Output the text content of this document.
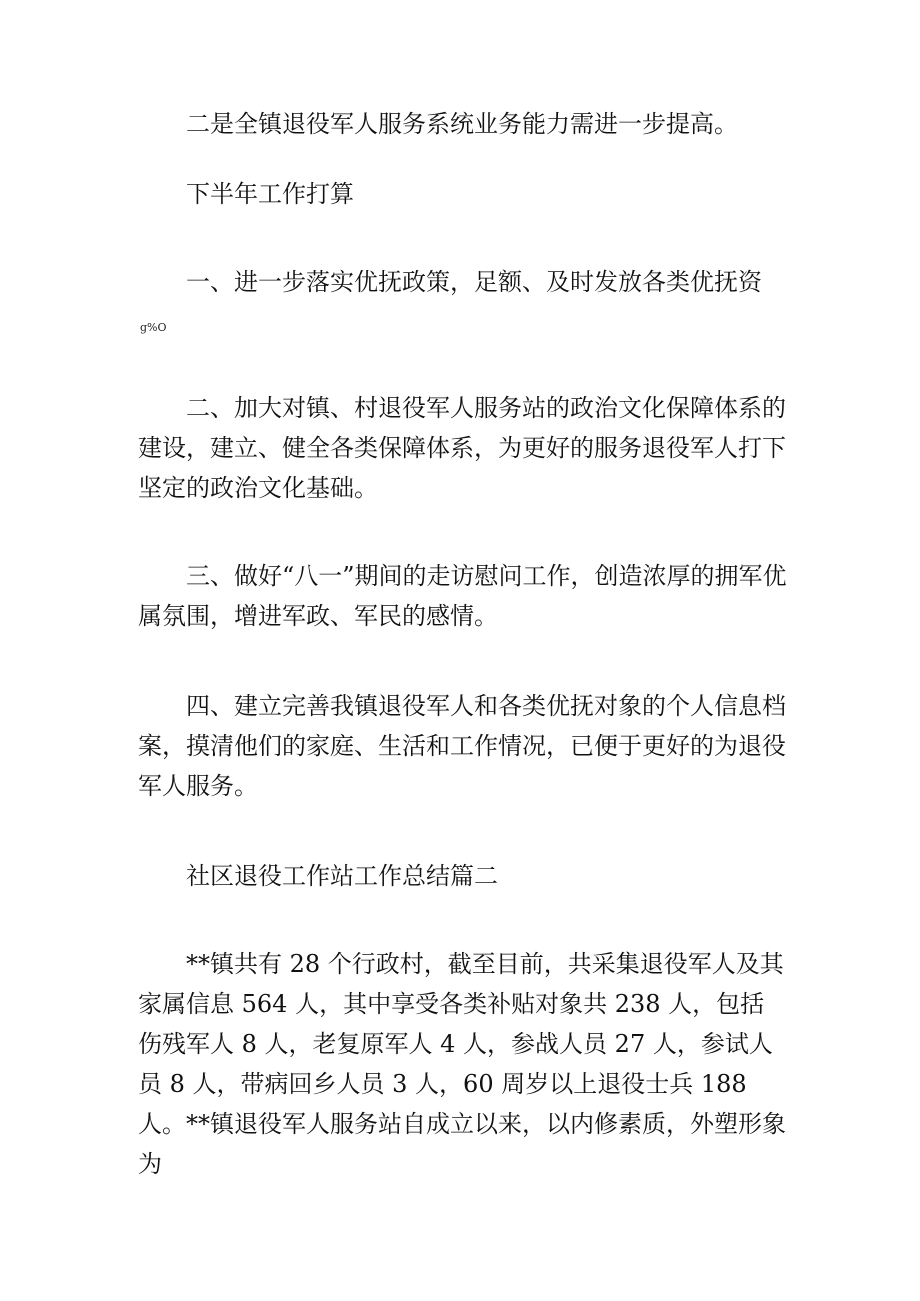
二是全镇退役军人服务系统业务能力需进一步提高。

下半年工作打算

一、进一步落实优抚政策，足额、及时发放各类优抚资

g%O

二、加大对镇、村退役军人服务站的政治文化保障体系的建设，建立、健全各类保障体系，为更好的服务退役军人打下坚定的政治文化基础。

三、做好“八一”期间的走访慰问工作，创造浓厚的拥军优属氛围，增进军政、军民的感情。

四、建立完善我镇退役军人和各类优抚对象的个人信息档案，摸清他们的家庭、生活和工作情况，已便于更好的为退役军人服务。

社区退役工作站工作总结篇二

**镇共有 28 个行政村，截至目前，共采集退役军人及其家属信息 564 人，其中享受各类补贴对象共 238 人，包括伤残军人 8 人，老复原军人 4 人，参战人员 27 人，参试人员 8 人，带病回乡人员 3 人，60 周岁以上退役士兵 188 人。**镇退役军人服务站自成立以来，以内修素质，外塑形象为
